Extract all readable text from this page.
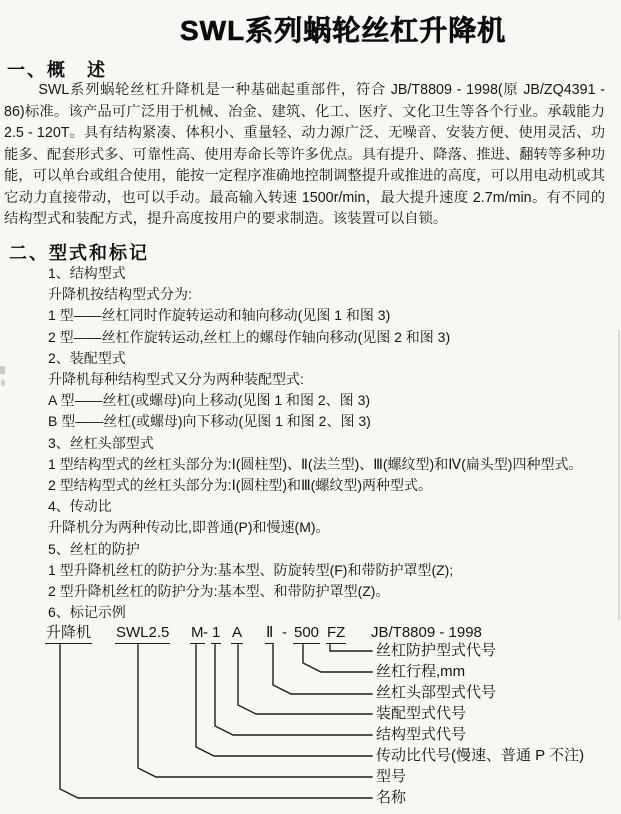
SWL系列蜗轮丝杠升降机
一、概　述

SWL系列蜗轮丝杠升降机是一种基础起重部件，符合 JB/T8809 - 1998(原 JB/ZQ4391 - 86)标准。该产品可广泛用于机械、冶金、建筑、化工、医疗、文化卫生等各个行业。承载能力 2.5 - 120T。具有结构紧凑、体积小、重量轻、动力源广泛、无噪音、安装方便、使用灵活、功能多、配套形式多、可靠性高、使用寿命长等许多优点。具有提升、降落、推进、翻转等多种功能，可以单台或组合使用，能按一定程序准确地控制调整提升或推进的高度，可以用电动机或其它动力直接带动，也可以手动。最高输入转速 1500r/min，最大提升速度 2.7m/min。有不同的结构型式和装配方式，提升高度按用户的要求制造。该装置可以自锁。

二、型式和标记
1、结构型式
升降机按结构型式分为:
1 型——丝杠同时作旋转运动和轴向移动(见图 1 和图 3)
2 型——丝杠作旋转运动,丝杠上的螺母作轴向移动(见图 2 和图 3)
2、装配型式
升降机每种结构型式又分为两种装配型式:
A 型——丝杠(或螺母)向上移动(见图 1 和图 2、图 3)
B 型——丝杠(或螺母)向下移动(见图 1 和图 2、图 3)
3、丝杠头部型式
1 型结构型式的丝杠头部分为:Ⅰ(圆柱型)、Ⅱ(法兰型)、Ⅲ(螺纹型)和Ⅳ(扁头型)四种型式。
2 型结构型式的丝杠头部分为:Ⅰ(圆柱型)和Ⅲ(螺纹型)两种型式。
4、传动比
升降机分为两种传动比,即普通(P)和慢速(M)。
5、丝杠的防护
1 型升降机丝杠的防护分为:基本型、防旋转型(F)和带防护罩型(Z);
2 型升降机丝杠的防护分为:基本型、和带防护罩型(Z)。
6、标记示例
升降机 SWL2.5 M - 1 A Ⅱ - 500 FZ JB/T8809 - 1998
丝杠防护型式代号
丝杠行程,mm
丝杠头部型式代号
装配型式代号
结构型式代号
传动比代号(慢速、普通 P 不注)
型号
名称
